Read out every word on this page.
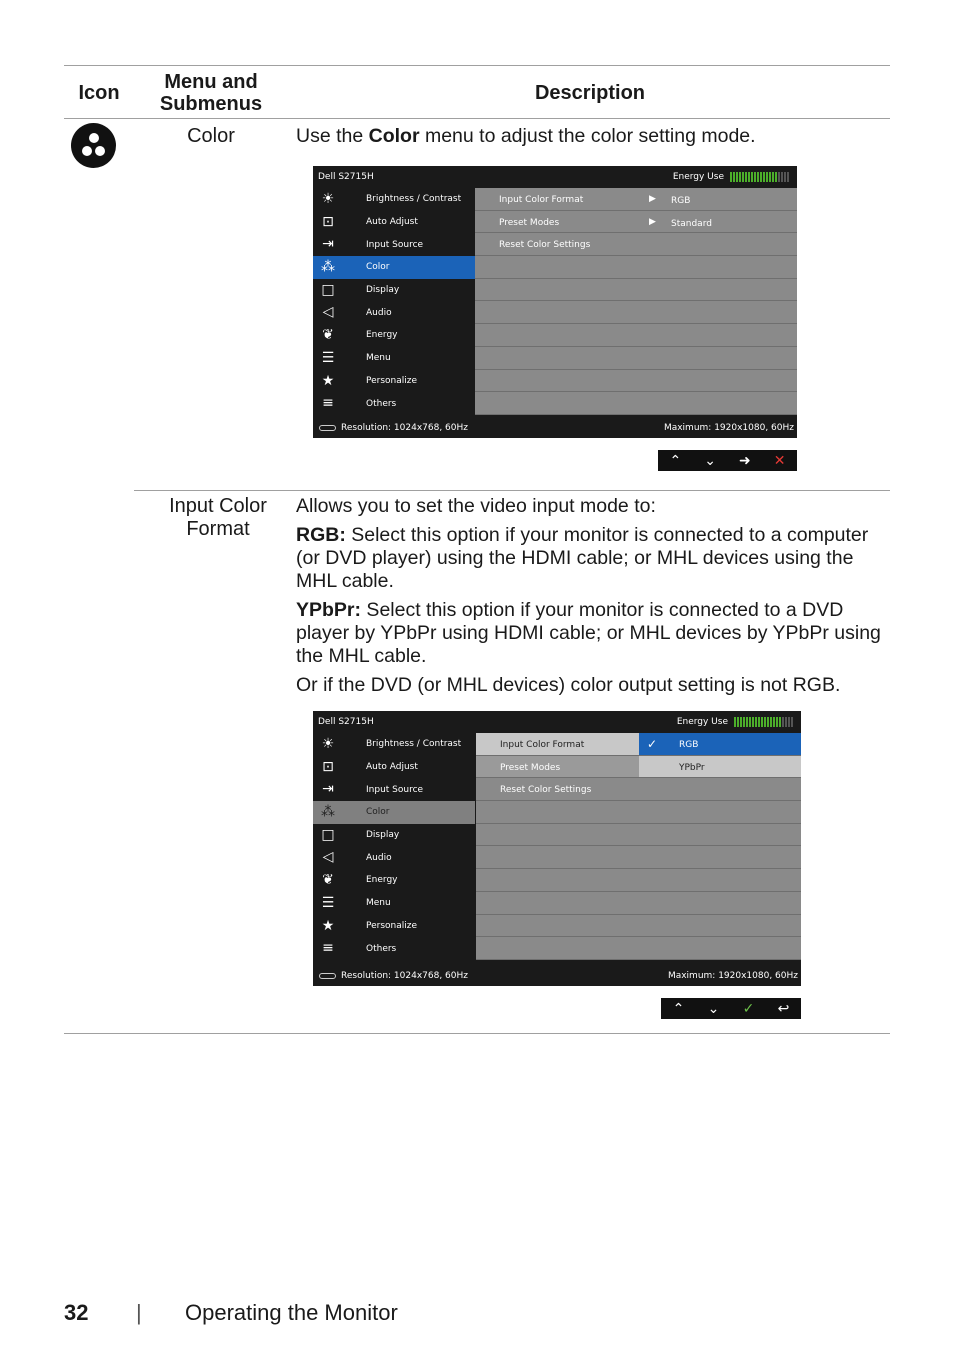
Icon	Menu and Submenus	Description
Color	Use the Color menu to adjust the color setting mode.
Dell S2715H	Energy Use
☀	Brightness / Contrast
⊡	Auto Adjust
⇥	Input Source
⁂	Color
□	Display
◁	Audio
❦	Energy
☰	Menu
★	Personalize
≡	Others
Input Color Format	▶ RGB
Preset Modes	▶ Standard
Reset Color Settings
Resolution: 1024x768, 60Hz	Maximum: 1920x1080, 60Hz
⌃ ⌄ ➜ ✕
Input Color Format
Allows you to set the video input mode to:
RGB: Select this option if your monitor is connected to a computer (or DVD player) using the HDMI cable; or MHL devices using the MHL cable.
YPbPr: Select this option if your monitor is connected to a DVD player by YPbPr using HDMI cable; or MHL devices by YPbPr using the MHL cable.
Or if the DVD (or MHL devices) color output setting is not RGB.
Dell S2715H	Energy Use
☀	Brightness / Contrast
⊡	Auto Adjust
⇥	Input Source
⁂	Color
□	Display
◁	Audio
❦	Energy
☰	Menu
★	Personalize
≡	Others
Input Color Format
Preset Modes
Reset Color Settings
✓ RGB
YPbPr
Resolution: 1024x768, 60Hz	Maximum: 1920x1080, 60Hz
⌃ ⌄ ✓ ↩
32 | Operating the Monitor
